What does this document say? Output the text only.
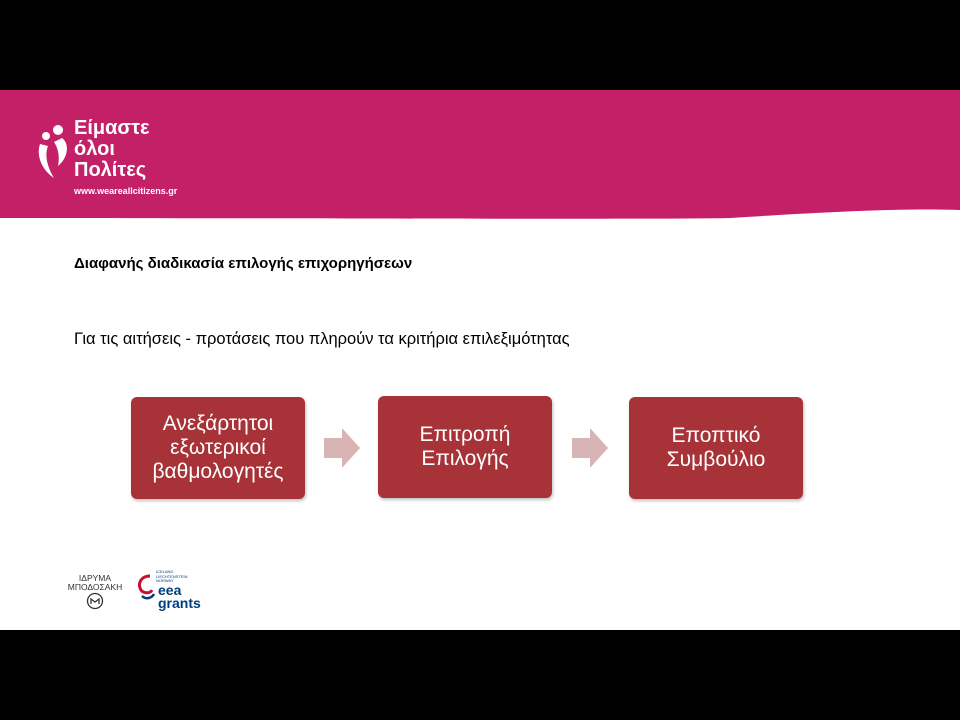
Είμαστε
όλοι
Πολίτες
www.weareallcitizens.gr
Διαφανής διαδικασία επιλογής επιχορηγήσεων
Για τις αιτήσεις - προτάσεις που πληρούν τα κριτήρια επιλεξιμότητας
Ανεξάρτητοι
εξωτερικοί
βαθμολογητές
Επιτροπή
Επιλογής
Εποπτικό
Συμβούλιο
ΙΔΡΥΜΑ
ΜΠΟΔΟΣΑΚΗ
ICELAND
LIECHTENSTEIN
NORWAY
eea
grants
